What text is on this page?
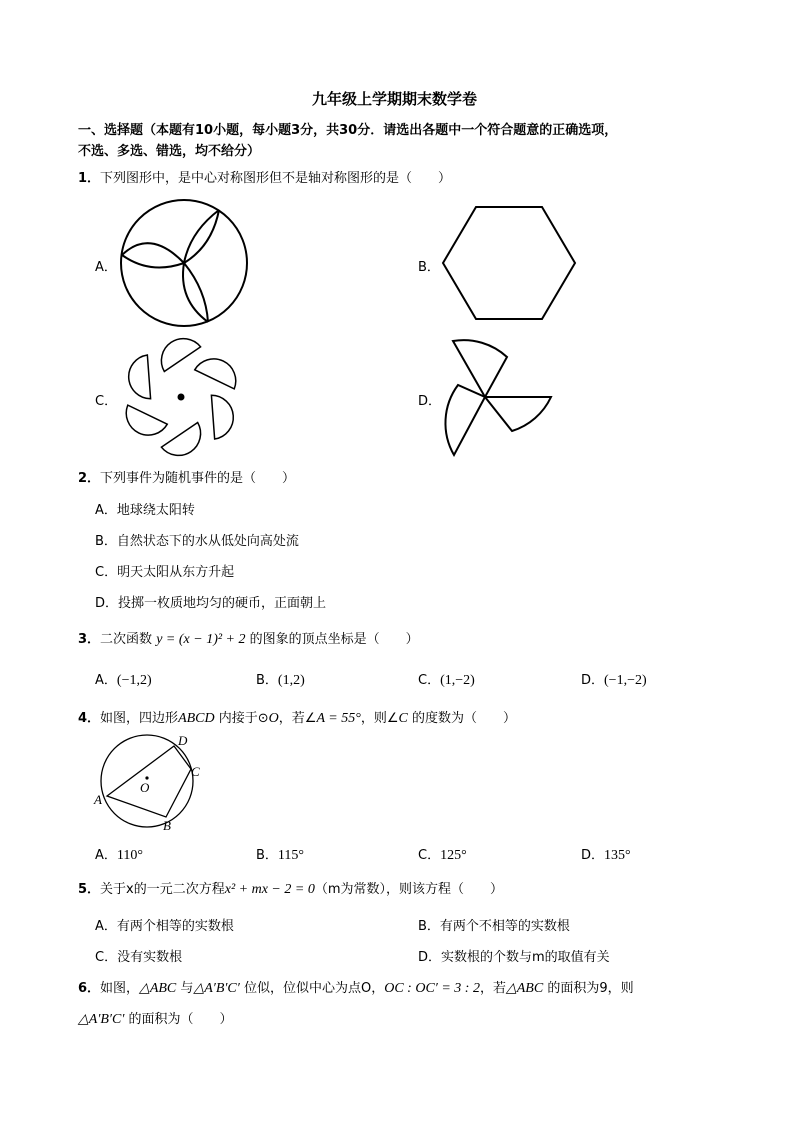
九年级上学期期末数学卷
一、选择题（本题有10小题，每小题3分，共30分．请选出各题中一个符合题意的正确选项，
不选、多选、错选，均不给分）
1．下列图形中，是中心对称图形但不是轴对称图形的是（　　）
A．	B．
C．	D．
2．下列事件为随机事件的是（　　）
A．地球绕太阳转
B．自然状态下的水从低处向高处流
C．明天太阳从东方升起
D．投掷一枚质地均匀的硬币，正面朝上
3．二次函数 y = (x − 1)² + 2 的图象的顶点坐标是（　　）
A．(−1,2)	B．(1,2)	C．(1,−2)	D．(−1,−2)
4．如图，四边形ABCD 内接于⊙O，若∠A = 55°，则∠C 的度数为（　　）
A
B
C
D
O
A．110°	B．115°	C．125°	D．135°
5．关于x的一元二次方程x² + mx − 2 = 0（m为常数），则该方程（　　）
A．有两个相等的实数根	B．有两个不相等的实数根
C．没有实数根	D．实数根的个数与m的取值有关
6．如图，△ABC 与△A′B′C′ 位似，位似中心为点O，OC : OC′ = 3 : 2，若△ABC 的面积为9，则
△A′B′C′ 的面积为（　　）
